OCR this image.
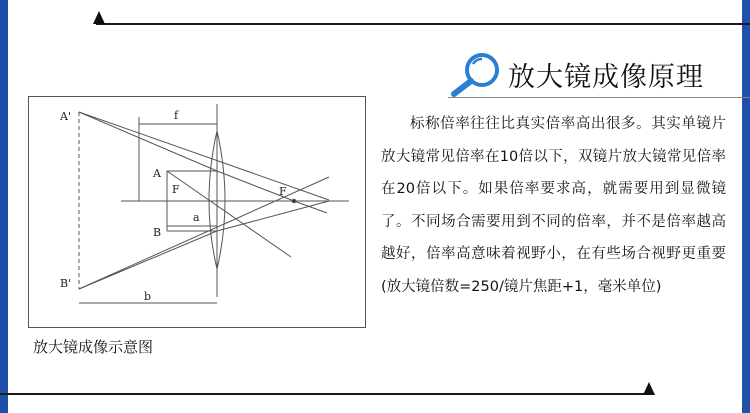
放大镜成像原理
A'
B'
A
B
F	F
f
a
b
放大镜成像示意图
标称倍率往往比真实倍率高出很多。其实单镜片放大镜常见倍率在10倍以下，双镜片放大镜常见倍率在20倍以下。如果倍率要求高，就需要用到显微镜了。不同场合需要用到不同的倍率，并不是倍率越高越好，倍率高意味着视野小，在有些场合视野更重要(放大镜倍数=250/镜片焦距+1，毫米单位)
